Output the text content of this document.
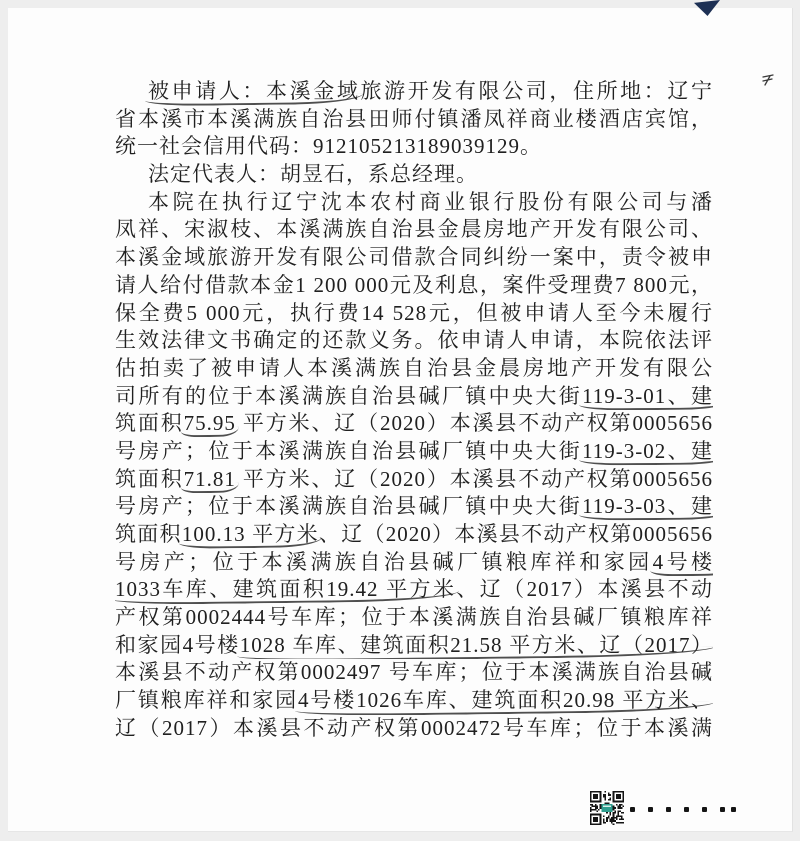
被申请人：本溪金域旅游开发有限公司，住所地：辽宁
省本溪市本溪满族自治县田师付镇潘凤祥商业楼酒店宾馆，
统一社会信用代码：912105213189039129。
法定代表人：胡昱石，系总经理。
本院在执行辽宁沈本农村商业银行股份有限公司与潘
凤祥、宋淑枝、本溪满族自治县金晨房地产开发有限公司、
本溪金域旅游开发有限公司借款合同纠纷一案中，责令被申
请人给付借款本金1 200 000元及利息，案件受理费7 800元，
保全费5 000元，执行费14 528元，但被申请人至今未履行
生效法律文书确定的还款义务。依申请人申请，本院依法评
估拍卖了被申请人本溪满族自治县金晨房地产开发有限公
司所有的位于本溪满族自治县碱厂镇中央大街119-3-01、建
筑面积75.95 平方米、辽（2020）本溪县不动产权第0005656
号房产；位于本溪满族自治县碱厂镇中央大街119-3-02、建
筑面积71.81 平方米、辽（2020）本溪县不动产权第0005656
号房产；位于本溪满族自治县碱厂镇中央大街119-3-03、建
筑面积100.13 平方米、辽（2020）本溪县不动产权第0005656
号房产；位于本溪满族自治县碱厂镇粮库祥和家园4号楼
1033车库、建筑面积19.42 平方米、辽（2017）本溪县不动
产权第0002444号车库；位于本溪满族自治县碱厂镇粮库祥
和家园4号楼1028 车库、建筑面积21.58 平方米、辽（2017）
本溪县不动产权第0002497 号车库；位于本溪满族自治县碱
厂镇粮库祥和家园4号楼1026车库、建筑面积20.98 平方米、
辽（2017）本溪县不动产权第0002472号车库；位于本溪满
